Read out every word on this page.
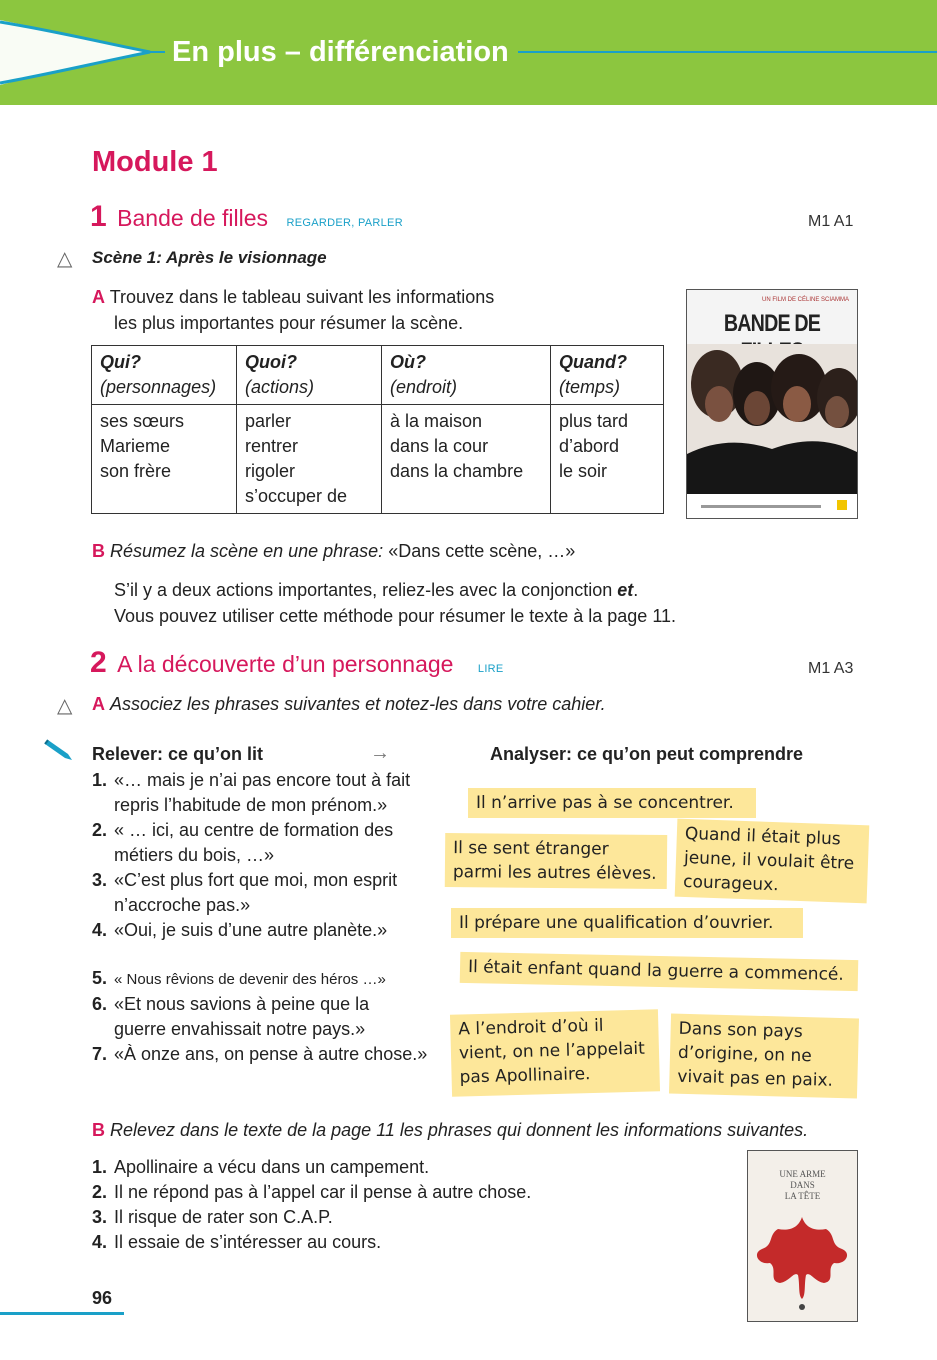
En plus – différenciation
Module 1
1 Bande de filles REGARDER, PARLER	M1 A1
△ Scène 1: Après le visionnage
A Trouvez dans le tableau suivant les informations
les plus importantes pour résumer la scène.
Qui?
(personnages)	Quoi?
(actions)	Où?
(endroit)	Quand?
(temps)
ses sœurs
Marieme
son frère	parler
rentrer
rigoler
s’occuper de	à la maison
dans la cour
dans la chambre	plus tard
d’abord
le soir
UN FILM DE CÉLINE SCIAMMA
BANDE DE
B Résumez la scène en une phrase: «Dans cette scène, …»
S’il y a deux actions importantes, reliez-les avec la conjonction et.
Vous pouvez utiliser cette méthode pour résumer le texte à la page 11.
2 A la découverte d’un personnage LIRE	M1 A3
△ A Associez les phrases suivantes et notez-les dans votre cahier.
Relever: ce qu’on lit	→	Analyser: ce qu’on peut comprendre
1. «… mais je n’ai pas encore tout à fait
repris l’habitude de mon prénom.»
2. « … ici, au centre de formation des
métiers du bois, …»
3. «C’est plus fort que moi, mon esprit
n’accroche pas.»
4. «Oui, je suis d’une autre planète.»
5. « Nous rêvions de devenir des héros …»
6. «Et nous savions à peine que la
guerre envahissait notre pays.»
7. «À onze ans, on pense à autre chose.»
Il n’arrive pas à se concentrer.
Il se sent étranger
parmi les autres élèves.
Quand il était plus
jeune, il voulait être
courageux.
Il prépare une qualification d’ouvrier.
Il était enfant quand la guerre a commencé.
A l’endroit d’où il
vient, on ne l’appelait
pas Apollinaire.
Dans son pays
d’origine, on ne
vivait pas en paix.
B Relevez dans le texte de la page 11 les phrases qui donnent les informations suivantes.
1. Apollinaire a vécu dans un campement.
2. Il ne répond pas à l’appel car il pense à autre chose.
3. Il risque de rater son C.A.P.
4. Il essaie de s’intéresser au cours.
UNE ARME
DANS
LA TÊTE
96
